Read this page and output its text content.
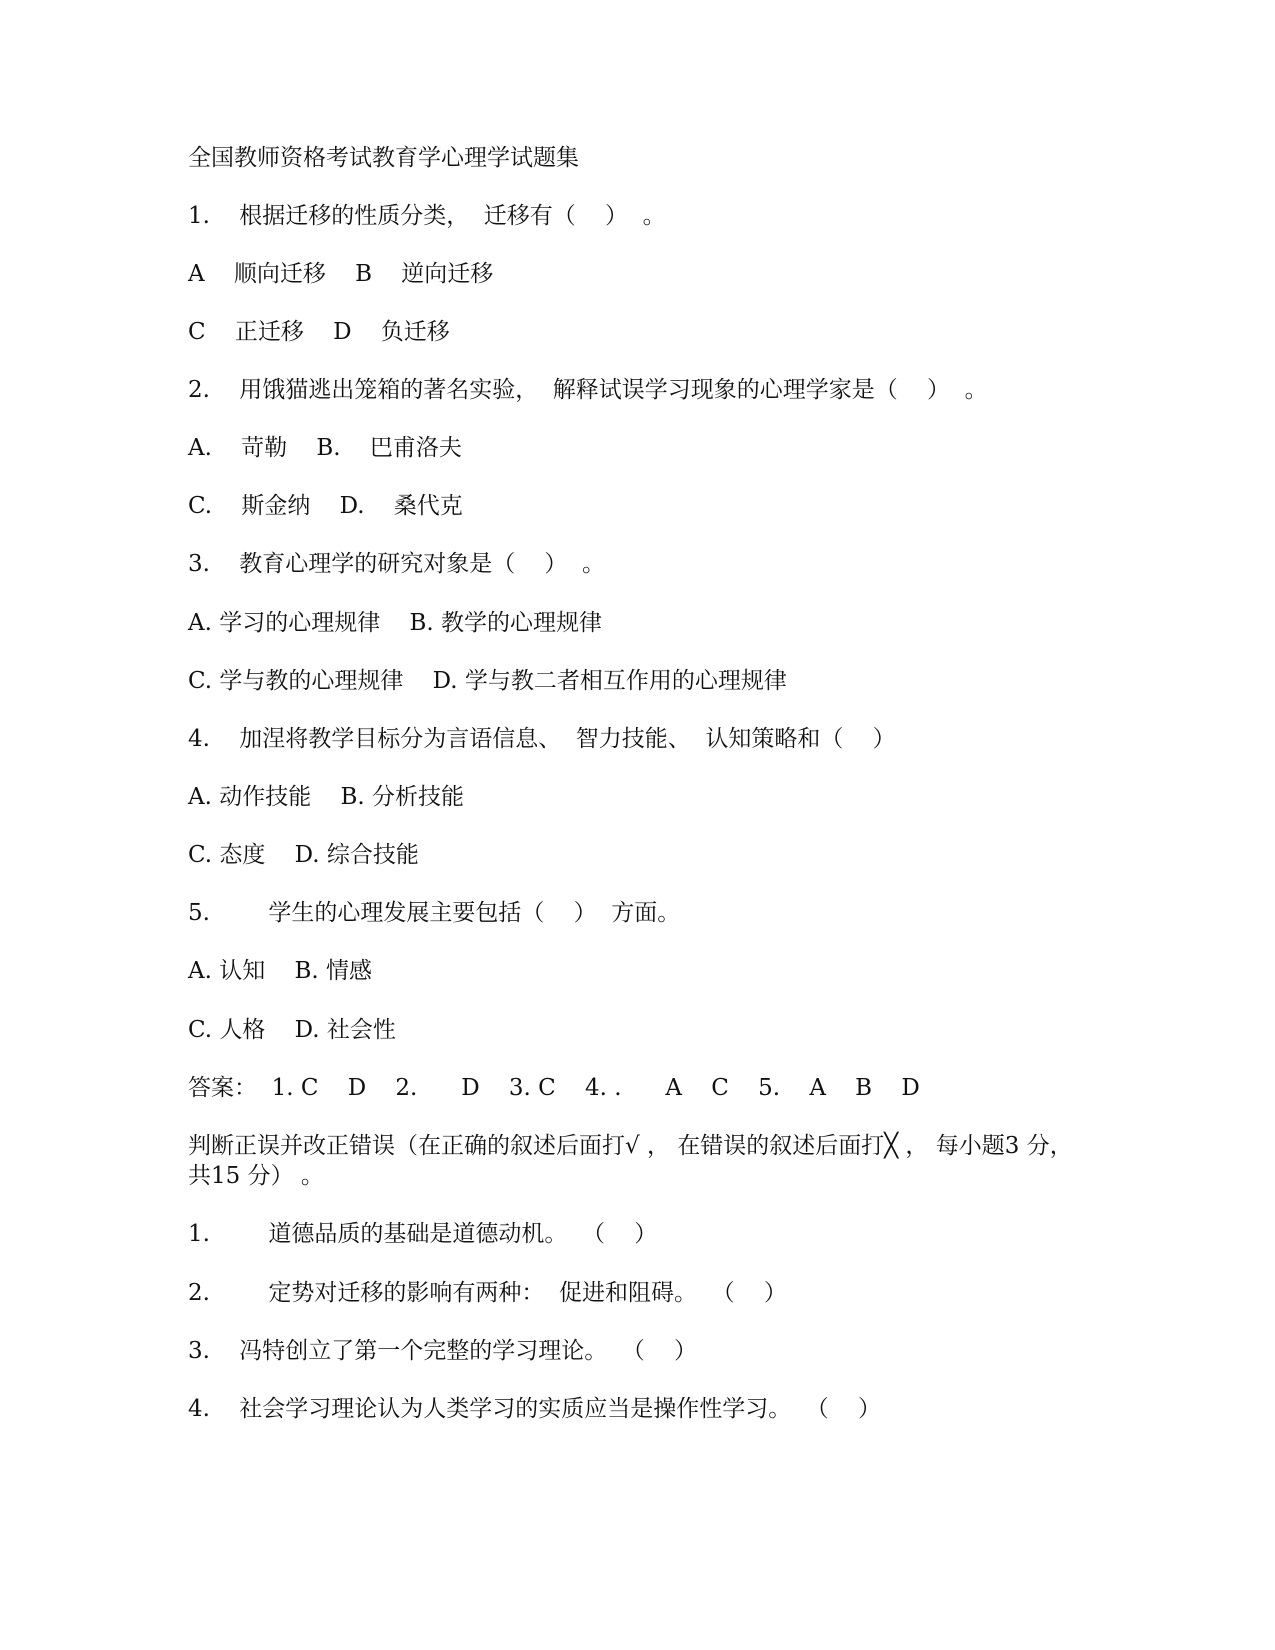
全国教师资格考试教育学心理学试题集
1.    根据迁移的性质分类，  迁移有（    ）  。
A    顺向迁移    B    逆向迁移
C    正迁移    D    负迁移
2.    用饿猫逃出笼箱的著名实验，  解释试误学习现象的心理学家是（    ）  。
A.    苛勒    B.    巴甫洛夫
C.    斯金纳    D.    桑代克
3.    教育心理学的研究对象是（    ）  。
A. 学习的心理规律    B. 教学的心理规律
C. 学与教的心理规律    D. 学与教二者相互作用的心理规律
4.    加涅将教学目标分为言语信息、  智力技能、  认知策略和（    ）
A. 动作技能    B. 分析技能
C. 态度    D. 综合技能
5.        学生的心理发展主要包括（    ）  方面。
A. 认知    B. 情感
C. 人格    D. 社会性
答案：  1. C    D    2.      D    3. C    4. .      A    C    5.    A    B    D
判断正误并改正错误（在正确的叙述后面打√ ， 在错误的叙述后面打╳ ， 每小题3 分， 共15 分） 。
1.        道德品质的基础是道德动机。  （    ）
2.        定势对迁移的影响有两种：  促进和阻碍。  （    ）
3.    冯特创立了第一个完整的学习理论。  （    ）
4.    社会学习理论认为人类学习的实质应当是操作性学习。  （    ）
